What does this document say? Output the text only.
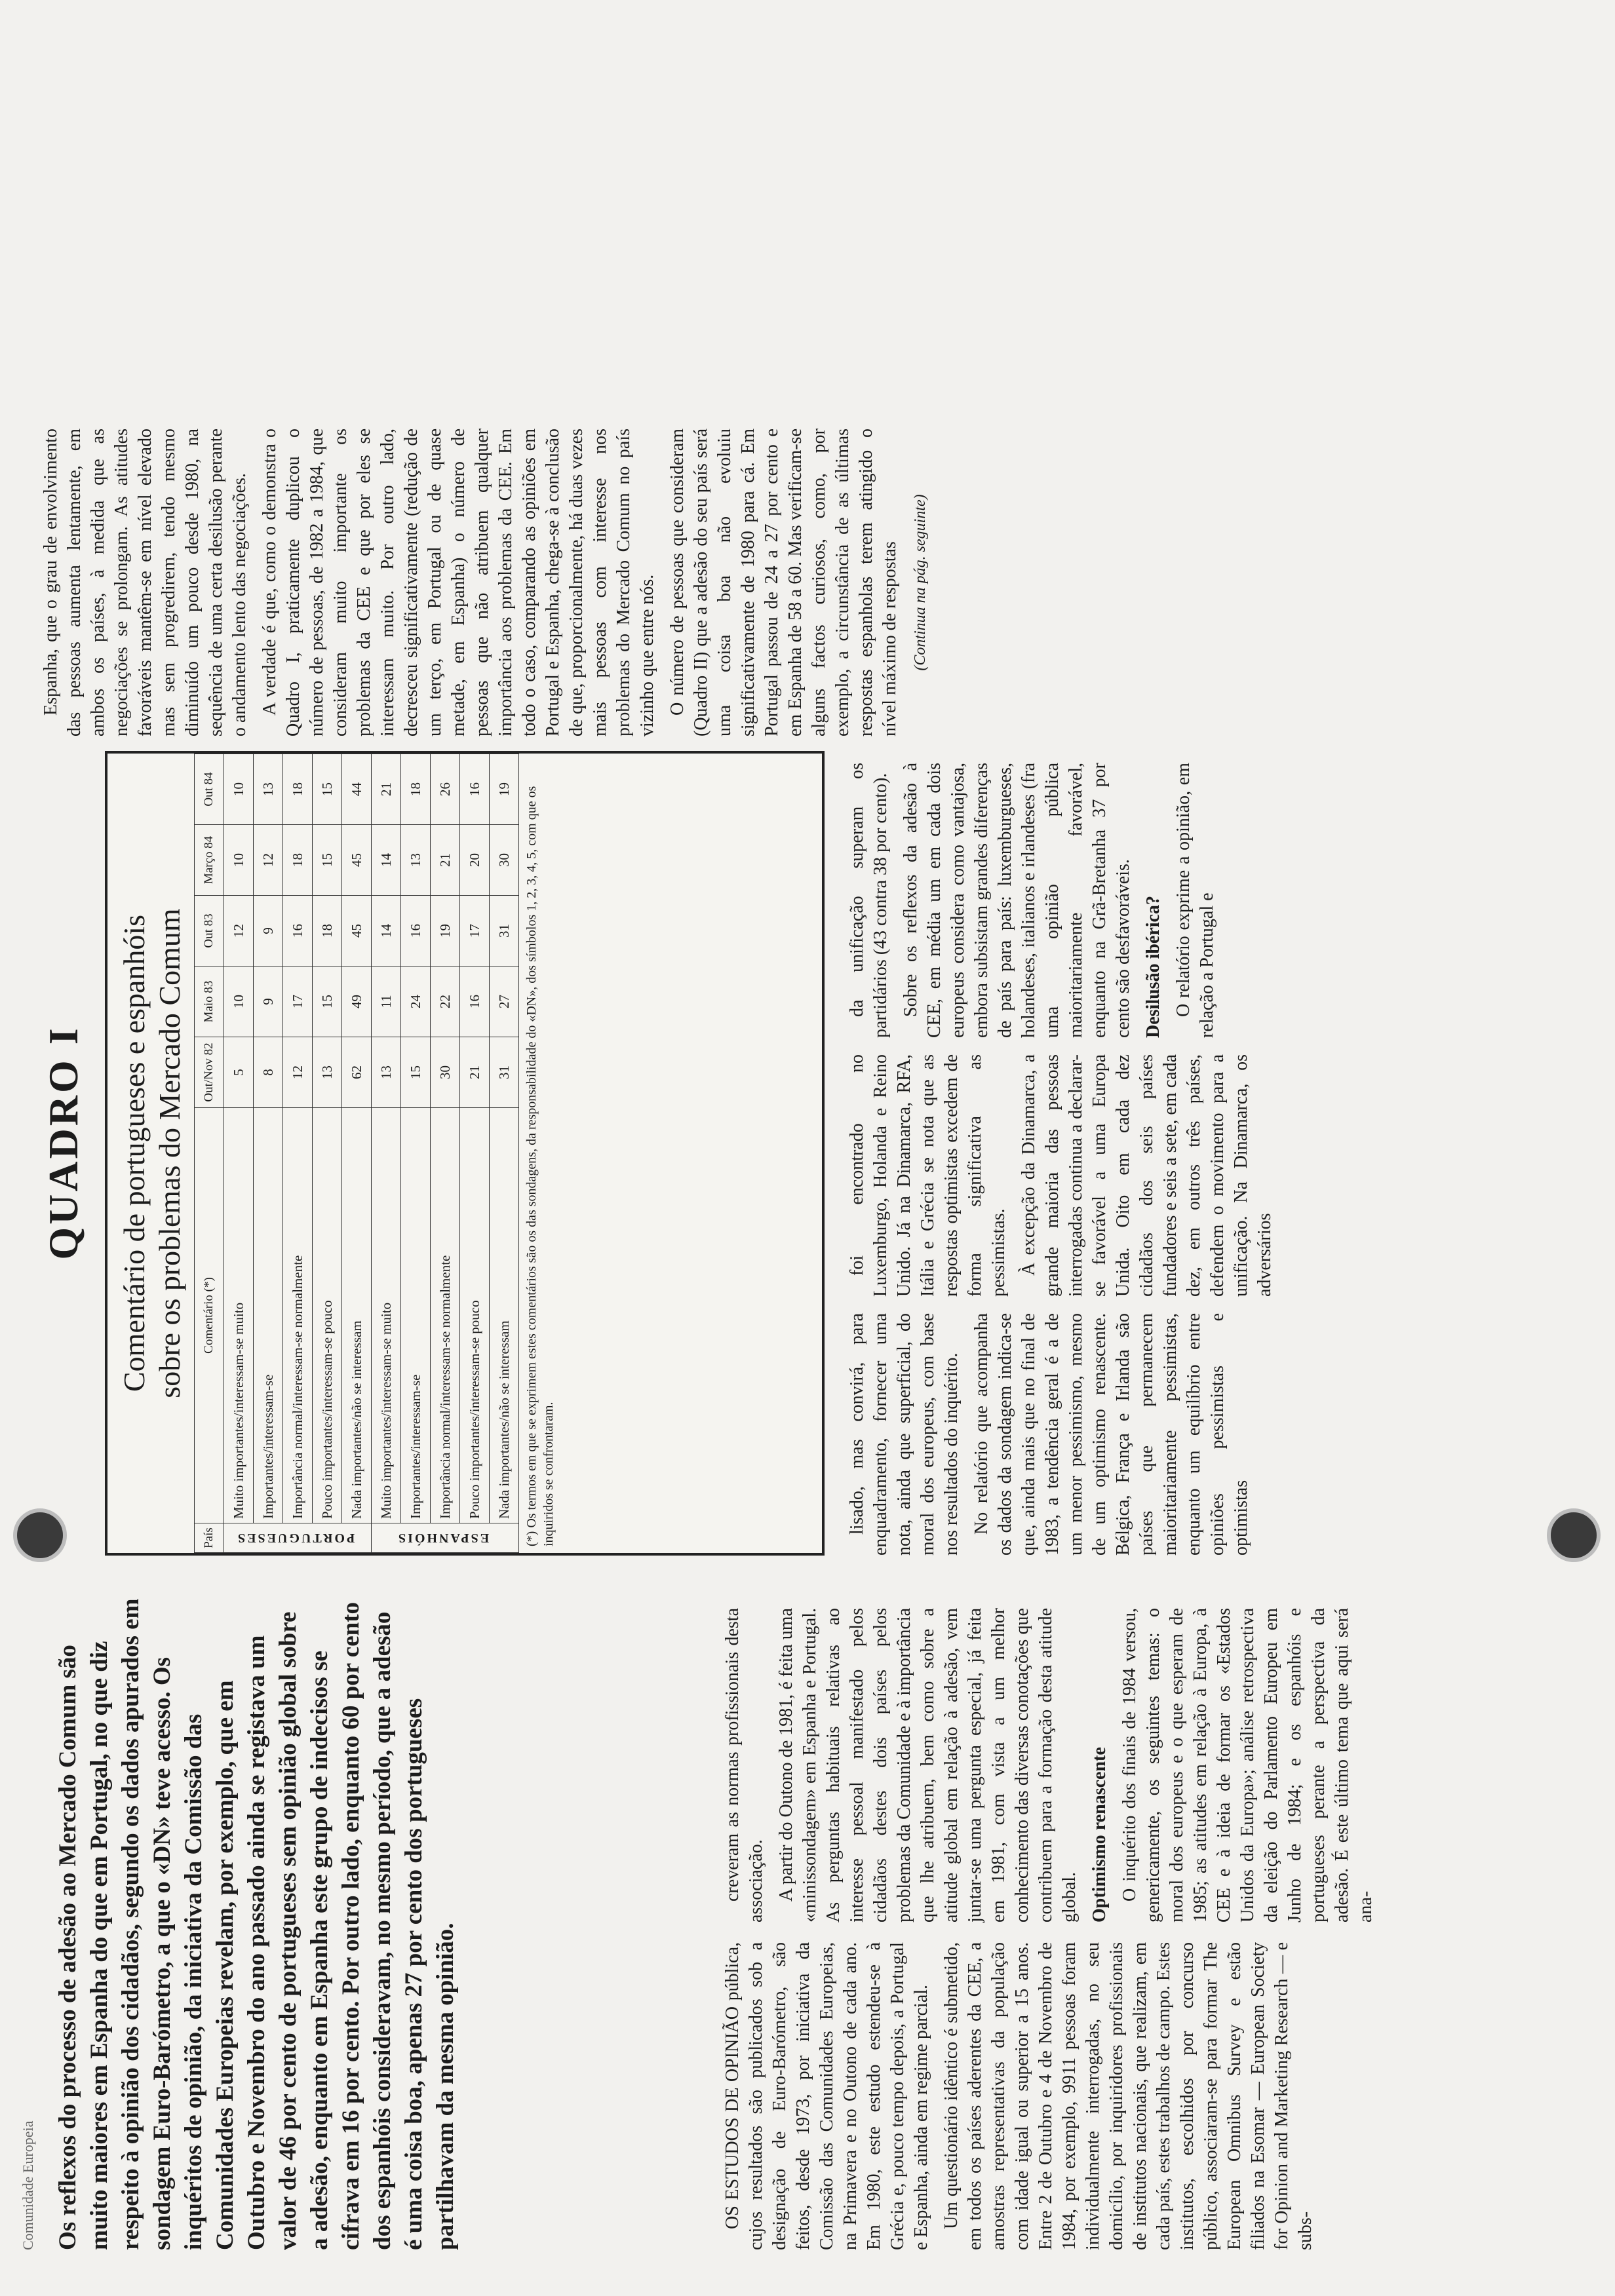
Comunidade Europeia Os reflexos do processo de adesão ao Mercado Comum são muito maiores em Espanha do que em Portugal, no que diz respeito à opinião dos cidadãos, segundo os dados apurados em sondagem Euro-Barómetro, a que o «DN» teve acesso. Os inquéritos de opinião, da iniciativa da Comissão das Comunidades Europeias revelam, por exemplo, que em Outubro e Novembro do ano passado ainda se registava um valor de 46 por cento de portugueses sem opinião global sobre a adesão, enquanto em Espanha este grupo de indecisos se cifrava em 16 por cento. Por outro lado, enquanto 60 por cento dos espanhóis consideravam, no mesmo período, que a adesão é uma coisa boa, apenas 27 por cento dos portugueses partilhavam da mesma opinião.	OS ESTUDOS DE OPINIÃO pública, cujos resultados são publicados sob a designação de Euro-Barómetro, são feitos, desde 1973, por iniciativa da Comissão das Comunidades Europeias, na Primavera e no Outono de cada ano. Em 1980, este estudo estendeu-se à Grécia e, pouco tempo depois, a Portugal e Espanha, ainda em regime parcial. Um questionário idêntico é submetido, em todos os países aderentes da CEE, a amostras representativas da população com idade igual ou superior a 15 anos. Entre 2 de Outubro e 4 de Novembro de 1984, por exemplo, 9911 pessoas foram individualmente interrogadas, no seu domicílio, por inquiridores profissionais de institutos nacionais, que realizam, em cada país, estes trabalhos de campo. Estes institutos, escolhidos por concurso público, associaram-se para formar The European Omnibus Survey e estão filiados na Esomar — European Society for Opinion and Marketing Research — e subs-

creveram as normas profissionais desta associação. A partir do Outono de 1981, é feita uma «minissondagem» em Espanha e Portugal. As perguntas habituais relativas ao interesse pessoal manifestado pelos cidadãos destes dois países pelos problemas da Comunidade e à importância que lhe atribuem, bem como sobre a atitude global em relação à adesão, vem juntar-se uma pergunta especial, já feita em 1981, com vista a um melhor conhecimento das diversas conotações que contribuem para a formação desta atitude global. Optimismo renascente O inquérito dos finais de 1984 versou, genericamente, os seguintes temas: o moral dos europeus e o que esperam de 1985; as atitudes em relação à Europa, à CEE e à ideia de formar os «Estados Unidos da Europa»; análise retrospectiva da eleição do Parlamento Europeu em Junho de 1984; e os espanhóis e portugueses perante a perspectiva da adesão. É este último tema que aqui será ana-

lisado, mas convirá, para enquadramento, fornecer uma nota, ainda que superficial, do moral dos europeus, com base nos resultados do inquérito. No relatório que acompanha os dados da sondagem indica-se que, ainda mais que no final de 1983, a tendência geral é a de um menor pessimismo, mesmo de um optimismo renascente. Bélgica, França e Irlanda são países que permanecem maioritariamente pessimistas, enquanto um equilíbrio entre opiniões pessimistas e optimistas

foi encontrado no Luxemburgo, Holanda e Reino Unido. Já na Dinamarca, RFA, Itália e Grécia se nota que as respostas optimistas excedem de forma significativa as pessimistas. À excepção da Dinamarca, a grande maioria das pessoas interrogadas continua a declarar-se favorável a uma Europa Unida. Oito em cada dez cidadãos dos seis países fundadores e seis a sete, em cada dez, em outros três países, defendem o movimento para a unificação. Na Dinamarca, os adversários

da unificação superam os partidários (43 contra 38 por cento). Sobre os reflexos da adesão à CEE, em média um em cada dois europeus considera como vantajosa, embora subsistam grandes diferenças de país para país: luxemburgueses, holandeses, italianos e irlandeses (fra uma opinião pública maioritariamente favorável, enquanto na Grã-Bretanha 37 por cento são desfavoráveis. Desilusão ibérica? O relatório exprime a opinião, em relação a Portugal e

Espanha, que o grau de envolvimento das pessoas aumenta lentamente, em ambos os países, à medida que as negociações se prolongam. As atitudes favoráveis mantêm-se em nível elevado mas sem progredirem, tendo mesmo diminuído um pouco desde 1980, na sequência de uma certa desilusão perante o andamento lento das negociações. A verdade é que, como o demonstra o Quadro I, praticamente duplicou o número de pessoas, de 1982 a 1984, que consideram muito importante os problemas da CEE e que por eles se interessam muito. Por outro lado, decresceu significativamente (redução de um terço, em Portugal ou de quase metade, em Espanha) o número de pessoas que não atribuem qualquer importância aos problemas da CEE. Em todo o caso, comparando as opiniões em Portugal e Espanha, chega-se à conclusão de que, proporcionalmente, há duas vezes mais pessoas com interesse nos problemas do Mercado Comum no país vizinho que entre nós. O número de pessoas que consideram (Quadro II) que a adesão do seu país será uma coisa boa não evoluiu significativamente de 1980 para cá. Em Portugal passou de 24 a 27 por cento e em Espanha de 58 a 60. Mas verificam-se alguns factos curiosos, como, por exemplo, a circunstância de as últimas respostas espanholas terem atingido o nível máximo de respostas (Continua na pág. seguinte)

QUADRO I Comentário de portugueses e espanhóis sobre os problemas do Mercado Comum
País	Comentário (*)	Out/Nov 82	Maio 83	Out 83	Março 84	Out 84
PORTUGUESES	Muito importantes/interessam-se muito	5	10	12	10	10
	Importantes/interessam-se	8	9	9	12	13
	Importância normal/interessam-se normalmente	12	17	16	18	18
	Pouco importantes/interessam-se pouco	13	15	18	15	15
	Nada importantes/não se interessam	62	49	45	45	44
ESPANHÓIS	Muito importantes/interessam-se muito	13	11	14	14	21
	Importantes/interessam-se	15	24	16	13	18
	Importância normal/interessam-se normalmente	30	22	19	21	26
	Pouco importantes/interessam-se pouco	21	16	17	20	16
	Nada importantes/não se interessam	31	27	31	30	19 (*) Os termos em que se exprimem estes comentários são os das sondagens, da responsabilidade do «DN», dos símbolos 1, 2, 3, 4, 5, com que os inquiridos se confrontaram.
